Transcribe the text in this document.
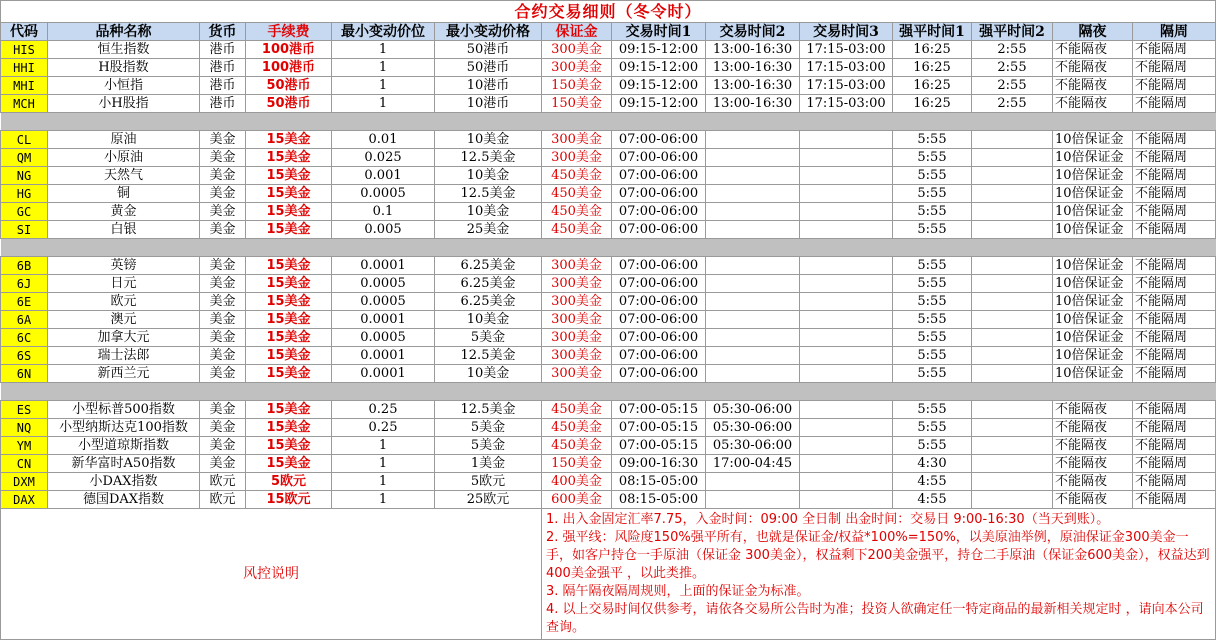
合约交易细则（冬令时）													
代码	品种名称	货币	手续费	最小变动价位	最小变动价格	保证金	交易时间1	交易时间2	交易时间3	强平时间1	强平时间2	隔夜	隔周
HIS	恒生指数	港币	100港币	1	50港币	300美金	09:15-12:00	13:00-16:30	17:15-03:00	16:25	2:55	不能隔夜	不能隔周
HHI	H股指数	港币	100港币	1	50港币	300美金	09:15-12:00	13:00-16:30	17:15-03:00	16:25	2:55	不能隔夜	不能隔周
MHI	小恒指	港币	50港币	1	10港币	150美金	09:15-12:00	13:00-16:30	17:15-03:00	16:25	2:55	不能隔夜	不能隔周
MCH	小H股指	港币	50港币	1	10港币	150美金	09:15-12:00	13:00-16:30	17:15-03:00	16:25	2:55	不能隔夜	不能隔周

CL	原油	美金	15美金	0.01	10美金	300美金	07:00-06:00			5:55		10倍保证金	不能隔周
QM	小原油	美金	15美金	0.025	12.5美金	300美金	07:00-06:00			5:55		10倍保证金	不能隔周
NG	天然气	美金	15美金	0.001	10美金	450美金	07:00-06:00			5:55		10倍保证金	不能隔周
HG	铜	美金	15美金	0.0005	12.5美金	450美金	07:00-06:00			5:55		10倍保证金	不能隔周
GC	黄金	美金	15美金	0.1	10美金	450美金	07:00-06:00			5:55		10倍保证金	不能隔周
SI	白银	美金	15美金	0.005	25美金	450美金	07:00-06:00			5:55		10倍保证金	不能隔周

6B	英镑	美金	15美金	0.0001	6.25美金	300美金	07:00-06:00			5:55		10倍保证金	不能隔周
6J	日元	美金	15美金	0.0005	6.25美金	300美金	07:00-06:00			5:55		10倍保证金	不能隔周
6E	欧元	美金	15美金	0.0005	6.25美金	300美金	07:00-06:00			5:55		10倍保证金	不能隔周
6A	澳元	美金	15美金	0.0001	10美金	300美金	07:00-06:00			5:55		10倍保证金	不能隔周
6C	加拿大元	美金	15美金	0.0005	5美金	300美金	07:00-06:00			5:55		10倍保证金	不能隔周
6S	瑞士法郎	美金	15美金	0.0001	12.5美金	300美金	07:00-06:00			5:55		10倍保证金	不能隔周
6N	新西兰元	美金	15美金	0.0001	10美金	300美金	07:00-06:00			5:55		10倍保证金	不能隔周

ES	小型标普500指数	美金	15美金	0.25	12.5美金	450美金	07:00-05:15	05:30-06:00		5:55		不能隔夜	不能隔周
NQ	小型纳斯达克100指数	美金	15美金	0.25	5美金	450美金	07:00-05:15	05:30-06:00		5:55		不能隔夜	不能隔周
YM	小型道琼斯指数	美金	15美金	1	5美金	450美金	07:00-05:15	05:30-06:00		5:55		不能隔夜	不能隔周
CN	新华富时A50指数	美金	15美金	1	1美金	150美金	09:00-16:30	17:00-04:45		4:30		不能隔夜	不能隔周
DXM	小DAX指数	欧元	5欧元	1	5欧元	400美金	08:15-05:00			4:55		不能隔夜	不能隔周
DAX	德国DAX指数	欧元	15欧元	1	25欧元	600美金	08:15-05:00			4:55		不能隔夜	不能隔周
风控说明						1. 出入金固定汇率7.75，入金时间：09:00 全日制 出金时间：交易日 9:00-16:30（当天到账）。
2. 强平线：风险度150%强平所有，也就是保证金/权益*100%=150%，以美原油举例，原油保证金300美金一手，如客户持仓一手原油（保证金 300美金），权益剩下200美金强平，持仓二手原油（保证金600美金），权益达到400美金强平 ，以此类推。
3. 隔午隔夜隔周规则，上面的保证金为标准。
4. 以上交易时间仅供参考，请依各交易所公告时为准；投资人欲确定任一特定商品的最新相关规定时 ，请向本公司查询。							
